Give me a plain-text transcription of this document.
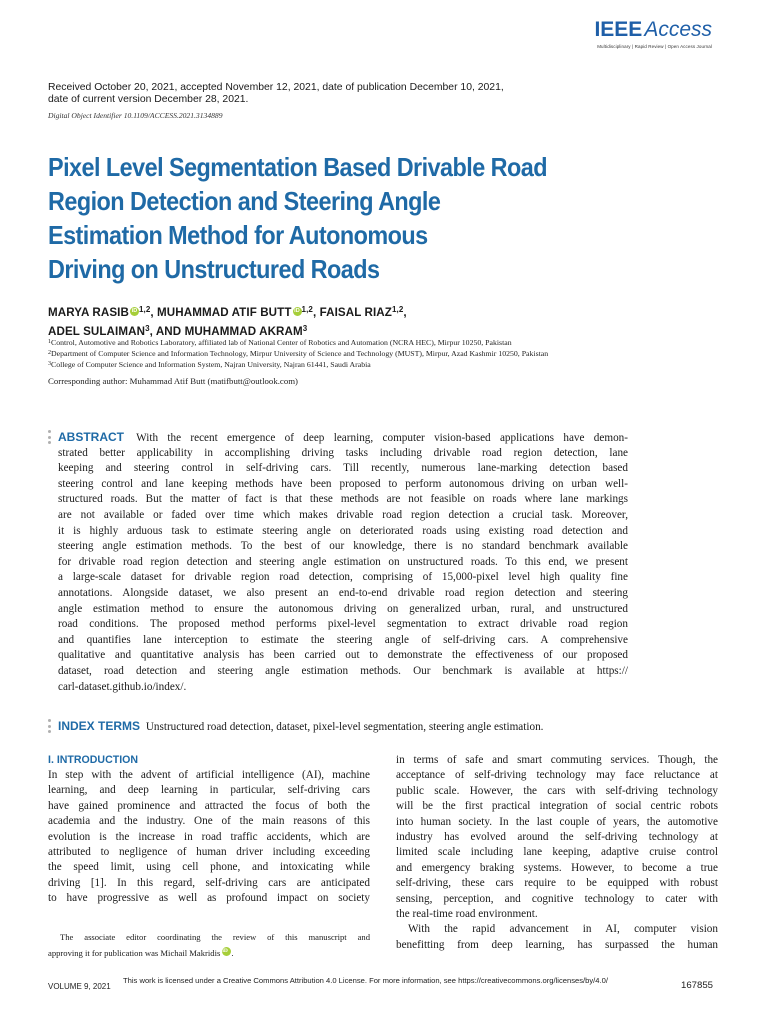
IEEEAccess
Multidisciplinary | Rapid Review | Open Access Journal
Received October 20, 2021, accepted November 12, 2021, date of publication December 10, 2021,
date of current version December 28, 2021.
Digital Object Identifier 10.1109/ACCESS.2021.3134889
Pixel Level Segmentation Based Drivable Road
Region Detection and Steering Angle
Estimation Method for Autonomous
Driving on Unstructured Roads
MARYA RASIB iD $^{1,2}$, MUHAMMAD ATIF BUTT iD $^{1,2}$, FAISAL RIAZ$^{1,2}$,
ADEL SULAIMAN$^3$, AND MUHAMMAD AKRAM$^3$
$^1$Control, Automotive and Robotics Laboratory, affiliated lab of National Center of Robotics and Automation (NCRA HEC), Mirpur 10250, Pakistan
$^2$Department of Computer Science and Information Technology, Mirpur University of Science and Technology (MUST), Mirpur, Azad Kashmir 10250, Pakistan
$^3$College of Computer Science and Information System, Najran University, Najran 61441, Saudi Arabia
Corresponding author: Muhammad Atif Butt (matifbutt@outlook.com)
ABSTRACT With the recent emergence of deep learning, computer vision-based applications have demon-
strated better applicability in accomplishing driving tasks including drivable road region detection, lane
keeping and steering control in self-driving cars. Till recently, numerous lane-marking detection based
steering control and lane keeping methods have been proposed to perform autonomous driving on urban well-
structured roads. But the matter of fact is that these methods are not feasible on roads where lane markings
are not available or faded over time which makes drivable road region detection a crucial task. Moreover,
it is highly arduous task to estimate steering angle on deteriorated roads using existing road detection and
steering angle estimation methods. To the best of our knowledge, there is no standard benchmark available
for drivable road region detection and steering angle estimation on unstructured roads. To this end, we present
a large-scale dataset for drivable region road detection, comprising of 15,000-pixel level high quality fine
annotations. Alongside dataset, we also present an end-to-end drivable road region detection and steering
angle estimation method to ensure the autonomous driving on generalized urban, rural, and unstructured
road conditions. The proposed method performs pixel-level segmentation to extract drivable road region
and quantifies lane interception to estimate the steering angle of self-driving cars. A comprehensive
qualitative and quantitative analysis has been carried out to demonstrate the effectiveness of our proposed
dataset, road detection and steering angle estimation methods. Our benchmark is available at https://
carl-dataset.github.io/index/.
INDEX TERMS Unstructured road detection, dataset, pixel-level segmentation, steering angle estimation.
I. INTRODUCTION
In step with the advent of artificial intelligence (AI), machine
learning, and deep learning in particular, self-driving cars
have gained prominence and attracted the focus of both the
academia and the industry. One of the main reasons of this
evolution is the increase in road traffic accidents, which are
attributed to negligence of human driver including exceeding
the speed limit, using cell phone, and intoxicating while
driving [1]. In this regard, self-driving cars are anticipated
to have progressive as well as profound impact on society
The associate editor coordinating the review of this manuscript and
approving it for publication was Michail Makridis iD .
in terms of safe and smart commuting services. Though, the
acceptance of self-driving technology may face reluctance at
public scale. However, the cars with self-driving technology
will be the first practical integration of social centric robots
into human society. In the last couple of years, the automotive
industry has evolved around the self-driving technology at
limited scale including lane keeping, adaptive cruise control
and emergency braking systems. However, to become a true
self-driving, these cars require to be equipped with robust
sensing, perception, and cognitive technology to cater with
the real-time road environment.
With the rapid advancement in AI, computer vision
benefitting from deep learning, has surpassed the human
VOLUME 9, 2021
This work is licensed under a Creative Commons Attribution 4.0 License. For more information, see https://creativecommons.org/licenses/by/4.0/	167855
